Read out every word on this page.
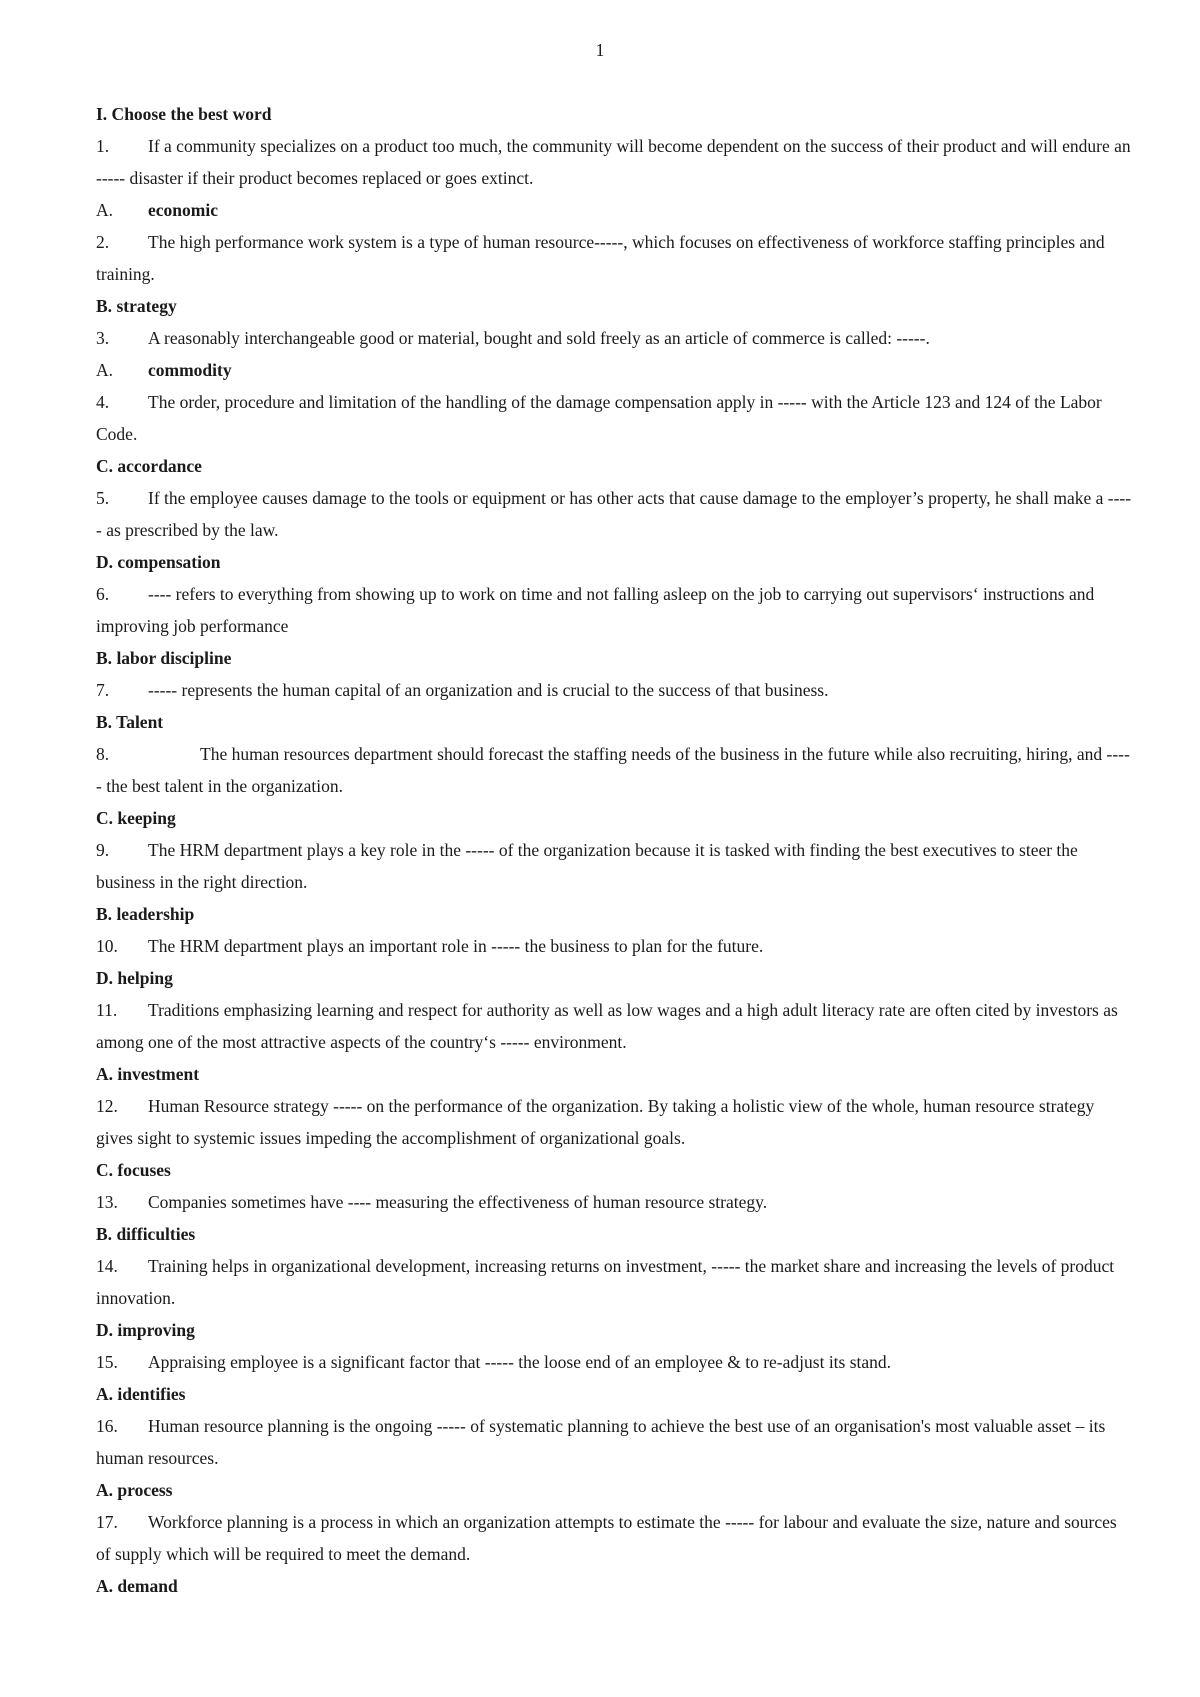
1

I. Choose the best word

1. If a community specializes on a product too much, the community will become dependent on the success of their product and will endure an ----- disaster if their product becomes replaced or goes extinct.

A. economic

2. The high performance work system is a type of human resource-----, which focuses on effectiveness of workforce staffing principles and training.

B. strategy

3. A reasonably interchangeable good or material, bought and sold freely as an article of commerce is called: -----.

A. commodity

4. The order, procedure and limitation of the handling of the damage compensation apply in ----- with the Article 123 and 124 of the Labor Code.

C. accordance

5. If the employee causes damage to the tools or equipment or has other acts that cause damage to the employer’s property, he shall make a ----- as prescribed by the law.

D. compensation

6. ---- refers to everything from showing up to work on time and not falling asleep on the job to carrying out supervisors‘ instructions and improving job performance

B. labor discipline

7. ----- represents the human capital of an organization and is crucial to the success of that business.

B. Talent

8.	The human resources department should forecast the staffing needs of the business in the future while also recruiting, hiring, and ----- the best talent in the organization.

C. keeping

9. The HRM department plays a key role in the ----- of the organization because it is tasked with finding the best executives to steer the business in the right direction.

B. leadership

10. The HRM department plays an important role in ----- the business to plan for the future.

D. helping

11. Traditions emphasizing learning and respect for authority as well as low wages and a high adult literacy rate are often cited by investors as among one of the most attractive aspects of the country‘s ----- environment.

A. investment

12. Human Resource strategy ----- on the performance of the organization. By taking a holistic view of the whole, human resource strategy gives sight to systemic issues impeding the accomplishment of organizational goals.

C. focuses

13. Companies sometimes have ---- measuring the effectiveness of human resource strategy.

B. difficulties

14. Training helps in organizational development, increasing returns on investment, ----- the market share and increasing the levels of product innovation.

D. improving

15. Appraising employee is a significant factor that ----- the loose end of an employee & to re-adjust its stand.

A. identifies

16. Human resource planning is the ongoing ----- of systematic planning to achieve the best use of an organisation's most valuable asset – its human resources.

A. process

17. Workforce planning is a process in which an organization attempts to estimate the ----- for labour and evaluate the size, nature and sources of supply which will be required to meet the demand.

A. demand
